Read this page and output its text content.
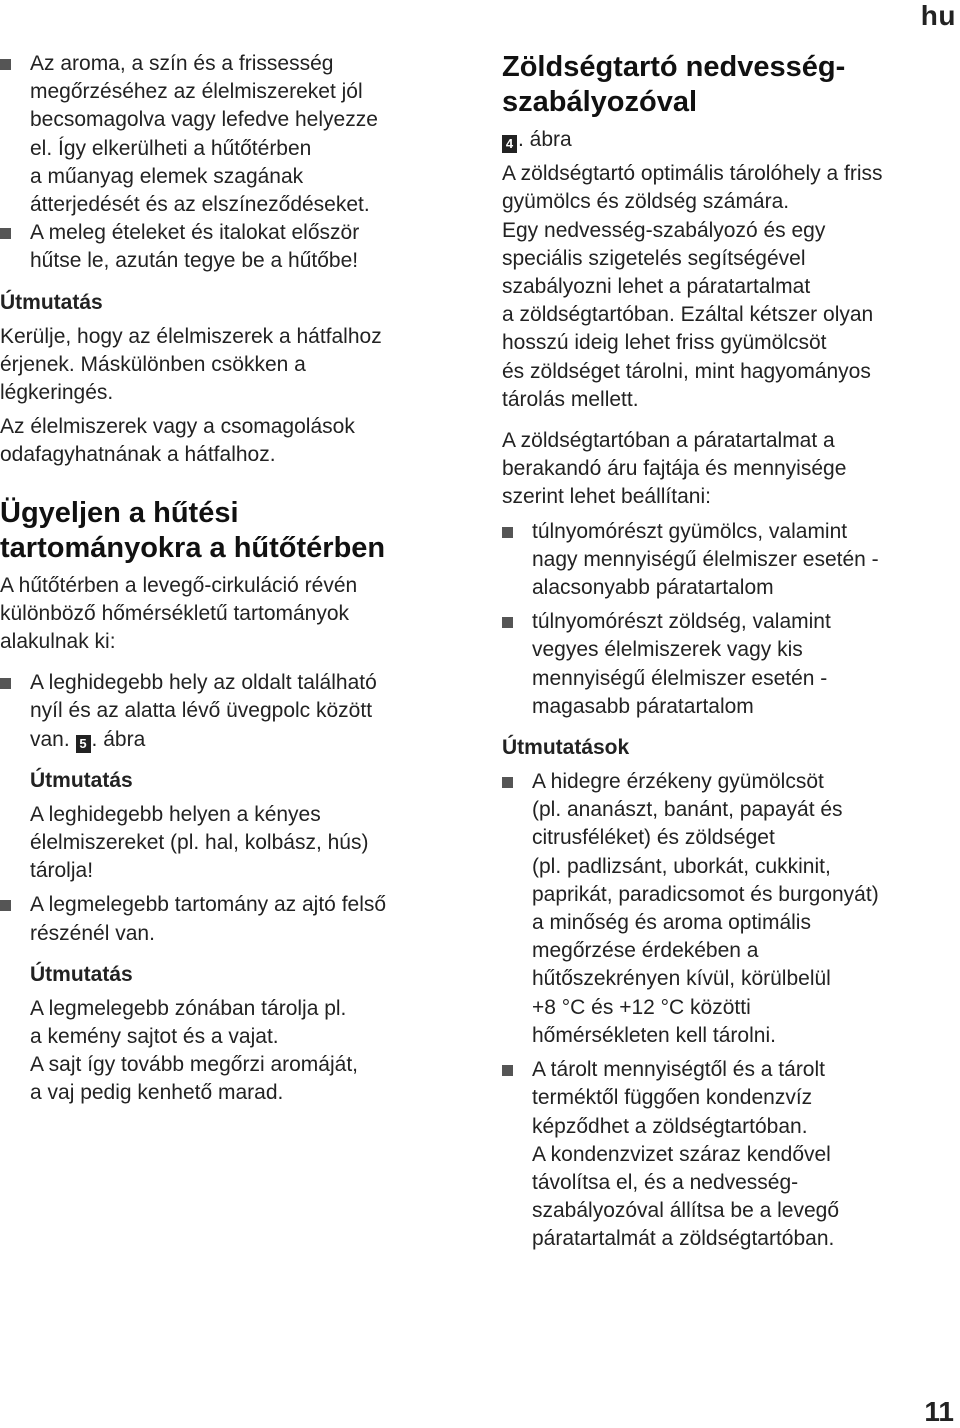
hu
Az aroma, a szín és a frissesség
megőrzéséhez az élelmiszereket jól
becsomagolva vagy lefedve helyezze
el. Így elkerülheti a hűtőtérben
a műanyag elemek szagának
átterjedését és az elszíneződéseket.
A meleg ételeket és italokat először
hűtse le, azután tegye be a hűtőbe!
Útmutatás
Kerülje, hogy az élelmiszerek a hátfalhoz
érjenek. Máskülönben csökken a
légkeringés.
Az élelmiszerek vagy a csomagolások
odafagyhatnának a hátfalhoz.
Ügyeljen a hűtési
tartományokra a hűtőtérben
A hűtőtérben a levegő-cirkuláció révén
különböző hőmérsékletű tartományok
alakulnak ki:
A leghidegebb hely az oldalt található
nyíl és az alatta lévő üvegpolc között
van. 5 . ábra
Útmutatás
A leghidegebb helyen a kényes
élelmiszereket (pl. hal, kolbász, hús)
tárolja!
A legmelegebb tartomány az ajtó felső
részénél van.
Útmutatás
A legmelegebb zónában tárolja pl.
a kemény sajtot és a vajat.
A sajt így tovább megőrzi aromáját,
a vaj pedig kenhető marad.
Zöldségtartó nedvesség-
szabályozóval
4 . ábra
A zöldségtartó optimális tárolóhely a friss
gyümölcs és zöldség számára.
Egy nedvesség-szabályozó és egy
speciális szigetelés segítségével
szabályozni lehet a páratartalmat
a zöldségtartóban. Ezáltal kétszer olyan
hosszú ideig lehet friss gyümölcsöt
és zöldséget tárolni, mint hagyományos
tárolás mellett.
A zöldségtartóban a páratartalmat a
berakandó áru fajtája és mennyisége
szerint lehet beállítani:
túlnyomórészt gyümölcs, valamint
nagy mennyiségű élelmiszer esetén -
alacsonyabb páratartalom
túlnyomórészt zöldség, valamint
vegyes élelmiszerek vagy kis
mennyiségű élelmiszer esetén -
magasabb páratartalom
Útmutatások
A hidegre érzékeny gyümölcsöt
(pl. ananászt, banánt, papayát és
citrusféléket) és zöldséget
(pl. padlizsánt, uborkát, cukkinit,
paprikát, paradicsomot és burgonyát)
a minőség és aroma optimális
megőrzése érdekében a
hűtőszekrényen kívül, körülbelül
+8 °C és +12 °C közötti
hőmérsékleten kell tárolni.
A tárolt mennyiségtől és a tárolt
terméktől függően kondenzvíz
képződhet a zöldségtartóban.
A kondenzvizet száraz kendővel
távolítsa el, és a nedvesség-
szabályozóval állítsa be a levegő
páratartalmát a zöldségtartóban.
11
